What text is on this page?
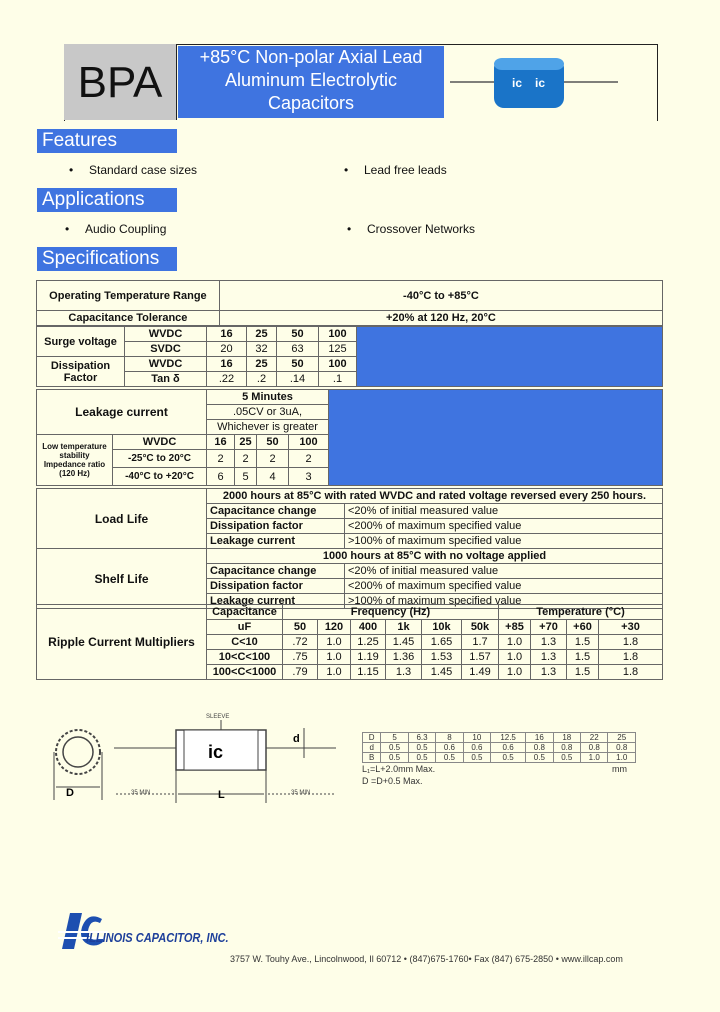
BPA
+85°C Non-polar Axial Lead
Aluminum Electrolytic
Capacitors
ic ic
Features
• Standard case sizes	• Lead free leads
Applications
• Audio Coupling	• Crossover Networks
Specifications
Operating Temperature Range	-40°C to +85°C
Capacitance Tolerance	+20% at 120 Hz, 20°C
Surge voltage	WVDC	16	25	50	100	
	SVDC	20	32	63	125	
Dissipation Factor	WVDC	16	25	50	100	
	Tan δ	.22	.2	.14	.1	
Leakage current		5 Minutes				
		.05CV or 3uA,				
		Whichever is greater				

Low temperature stability
Impedance ratio (120 Hz)	WVDC	16	25	50	100	
	-25°C to 20°C	2	2	2	2	
	-40°C to +20°C	6	5	4	3	
Load Life	2000 hours at 85°C with rated WVDC and rated voltage reversed every 250 hours.	
	Capacitance change	<20% of initial measured value
	Dissipation factor	<200% of maximum specified value
	Leakage current	>100% of maximum specified value
Shelf Life	1000 hours at 85°C with no voltage applied	
	Capacitance change	<20% of initial measured value
	Dissipation factor	<200% of maximum specified value
	Leakage current	>100% of maximum specified value
Ripple Current Multipliers	Capacitance	Frequency (Hz)						Temperature (°C)			
	uF	50	120	400	1k	10k	50k	+85	+70	+60	+30
	C<10	.72	1.0	1.25	1.45	1.65	1.7	1.0	1.3	1.5	1.8
	10<C<100	.75	1.0	1.19	1.36	1.53	1.57	1.0	1.3	1.5	1.8
	100<C<1000	.79	1.0	1.15	1.3	1.45	1.49	1.0	1.3	1.5	1.8
D
ic
SLEEVE
d
L
35 MIN	35 MIN
D	5	6.3	8	10	12.5	16	18	22	25
d	0.5	0.5	0.6	0.6	0.6	0.8	0.8	0.8	0.8
B	0.5	0.5	0.5	0.5	0.5	0.5	0.5	1.0	1.0
L₁=L+2.0mm Max.
D =D+0.5 Max.
mm
ILLINOIS CAPACITOR, INC.
3757 W. Touhy Ave., Lincolnwood, Il 60712 • (847)675-1760• Fax (847) 675-2850 • www.illcap.com
